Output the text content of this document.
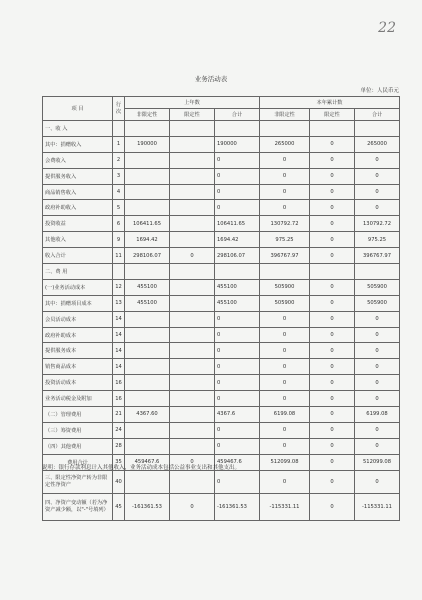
22
业务活动表
单位：人民币元
项 目	行次	上年数			本年累计数		
		非限定性	限定性	合计	非限定性	限定性	合计
一、收 入							
其中：捐赠收入	1	190000		190000	265000	0	265000
会费收入	2			0	0	0	0
提供服务收入	3			0	0	0	0
商品销售收入	4			0	0	0	0
政府补助收入	5			0	0	0	0
投资收益	6	106411.65		106411.65	130792.72	0	130792.72
其他收入	9	1694.42		1694.42	975.25	0	975.25
收入合计	11	298106.07	0	298106.07	396767.97	0	396767.97
二、费 用							
(一)业务活动成本	12	455100		455100	505900	0	505900
其中：捐赠项目成本	13	455100		455100	505900	0	505900
会员活动成本	14			0	0	0	0
政府补助成本	14			0	0	0	0
提供服务成本	14			0	0	0	0
销售商品成本	14			0	0	0	0
投资活动成本	16			0	0	0	0
业务活动税金及附加	16			0	0	0	0
（二）管理费用	21	4367.60		4367.6	6199.08	0	6199.08
（三）筹资费用	24			0	0	0	0
（四）其他费用	28			0	0	0	0
费用合计	35	459467.6	0	459467.6	512099.08	0	512099.08
三、限定性净资产转为非限定性净资产	40			0	0	0	0
四、净资产变动额（若为净资产减少额，以"-"号填列）	45	-161361.53	0	-161361.53	-115331.11	0	-115331.11
说明：银行存款利息计入其他收入，业务活动成本包括公益事业支出和其他支出。
